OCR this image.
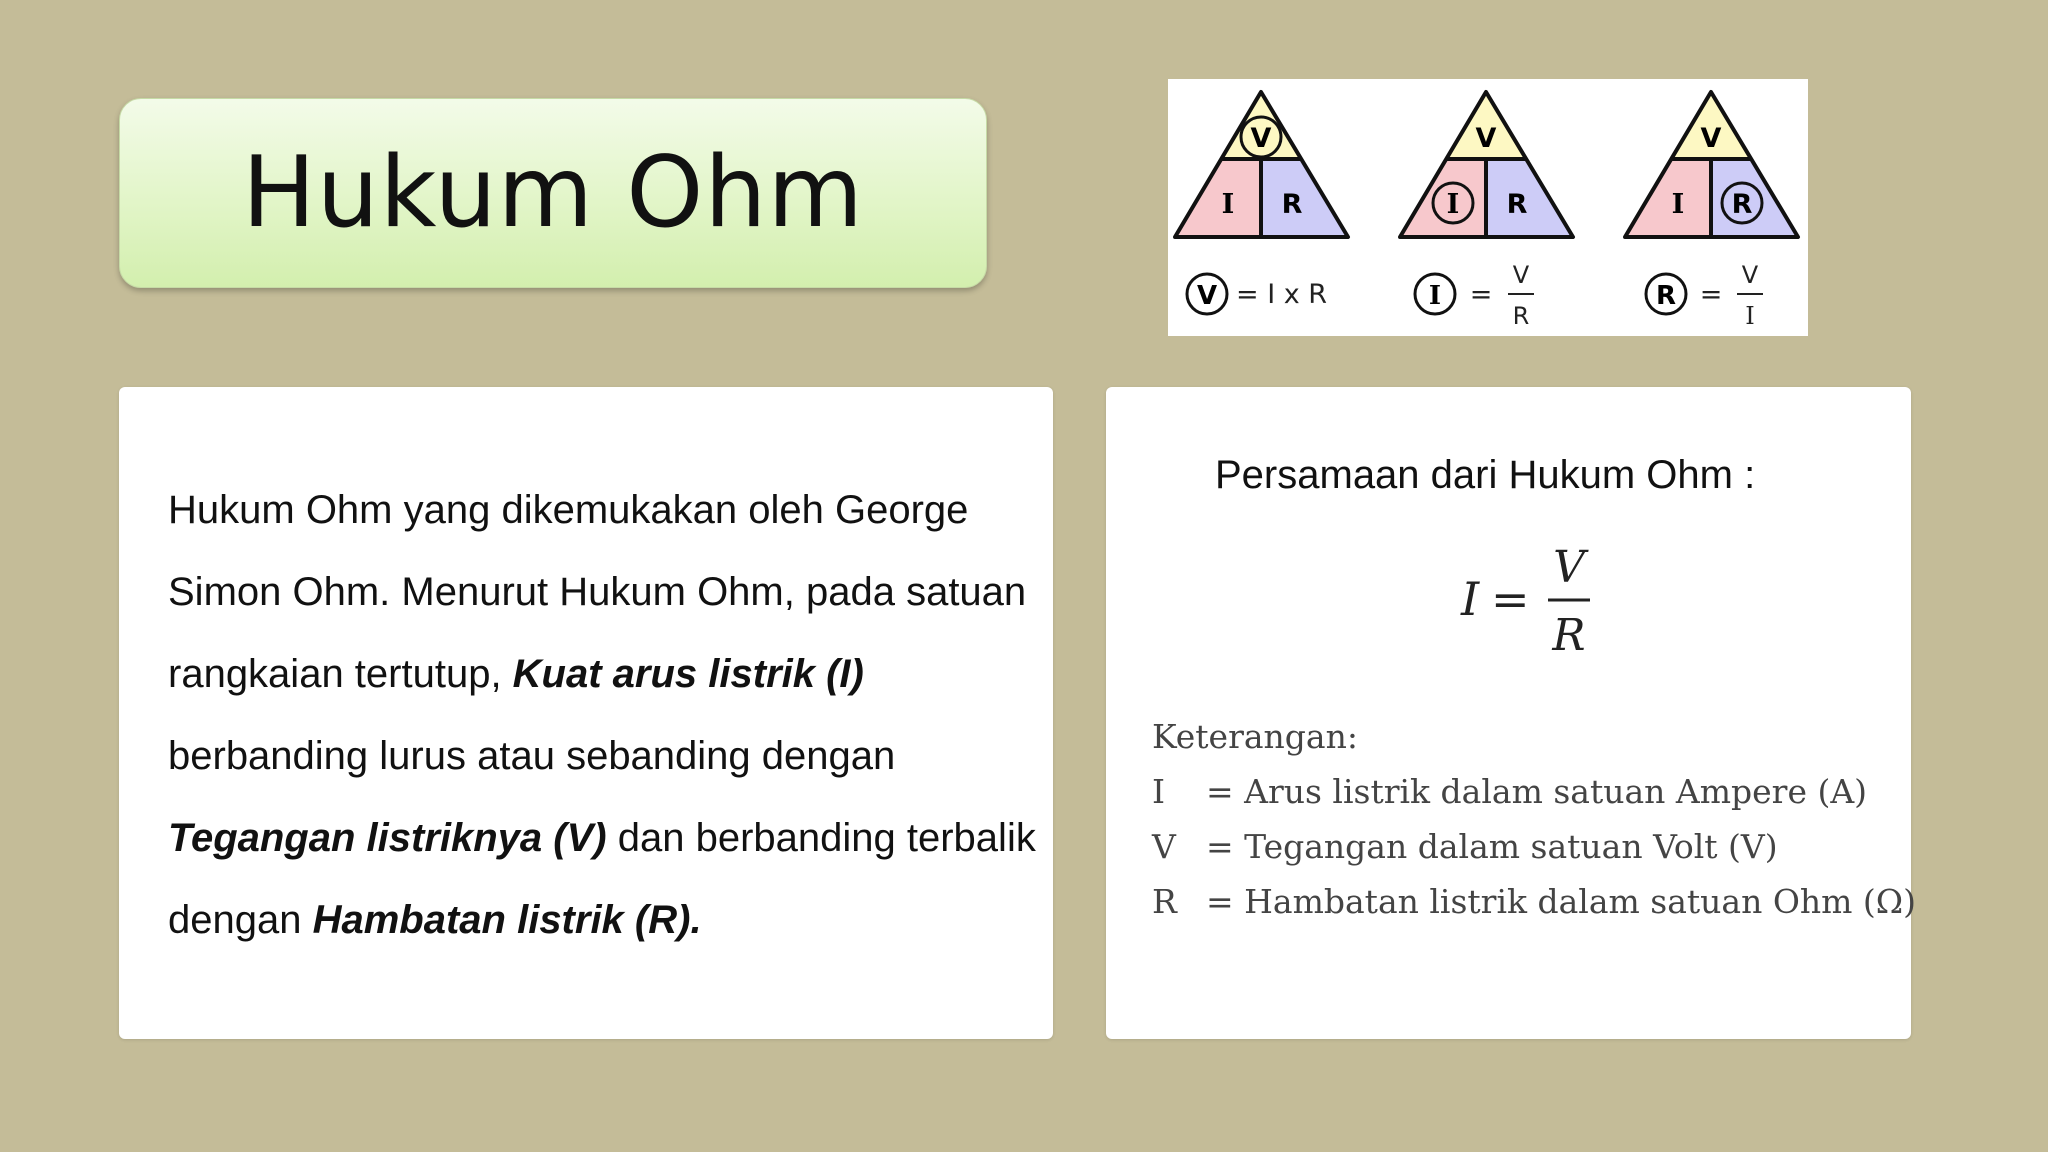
Hukum Ohm	V
I R
V = I x R
V
I R
I =
V
R
V
I R
R =
V
I
Hukum Ohm yang dikemukakan oleh George Simon Ohm. Menurut Hukum Ohm, pada satuan rangkaian tertutup, Kuat arus listrik (I) berbanding lurus atau sebanding dengan Tegangan listriknya (V) dan berbanding terbalik dengan Hambatan listrik (R).
Persamaan dari Hukum Ohm :
I =
V
R
Keterangan:
I	= Arus listrik dalam satuan Ampere (A)
V = Tegangan dalam satuan Volt (V)
R = Hambatan listrik dalam satuan Ohm (Ω)
